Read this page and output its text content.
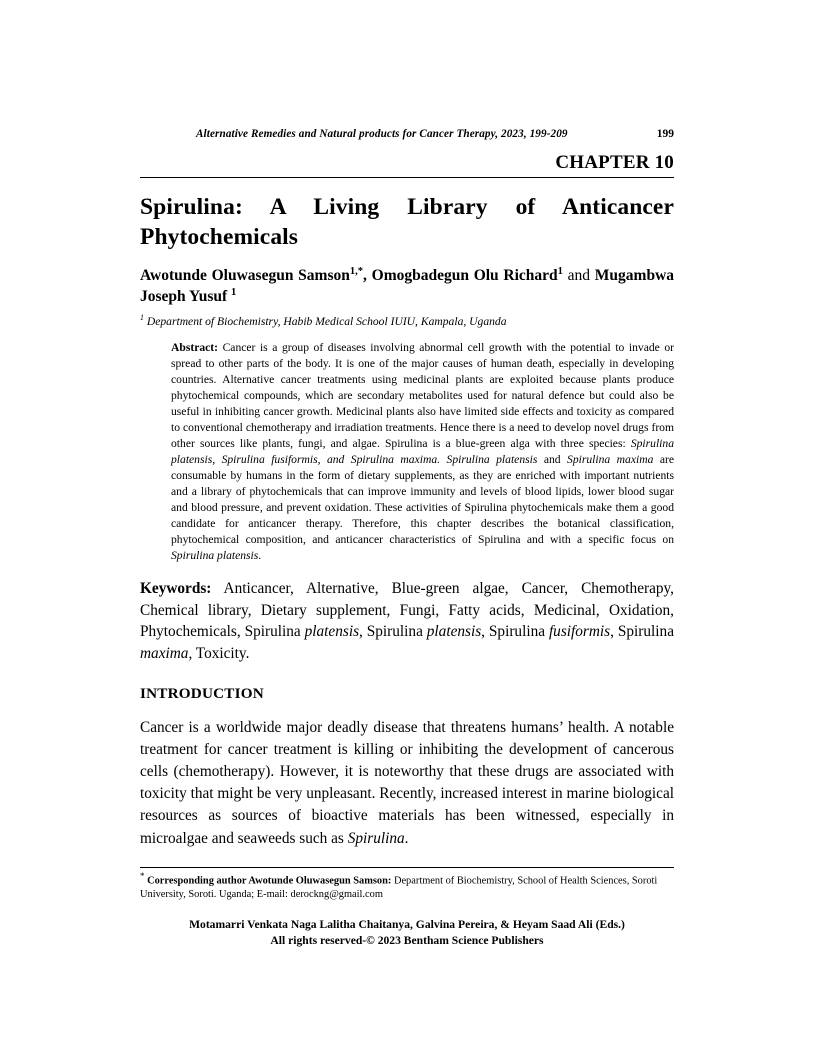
Alternative Remedies and Natural products for Cancer Therapy, 2023, 199-209	199
CHAPTER 10
Spirulina: A Living Library of Anticancer
Phytochemicals
Awotunde Oluwasegun Samson$^{1,*}$, Omogbadegun Olu Richard$^1$ and Mugambwa Joseph Yusuf $^1$
$^1$ Department of Biochemistry, Habib Medical School IUIU, Kampala, Uganda
Abstract: Cancer is a group of diseases involving abnormal cell growth with the potential to invade or spread to other parts of the body. It is one of the major causes of human death, especially in developing countries. Alternative cancer treatments using medicinal plants are exploited because plants produce phytochemical compounds, which are secondary metabolites used for natural defence but could also be useful in inhibiting cancer growth. Medicinal plants also have limited side effects and toxicity as compared to conventional chemotherapy and irradiation treatments. Hence there is a need to develop novel drugs from other sources like plants, fungi, and algae. Spirulina is a blue-green alga with three species: Spirulina platensis, Spirulina fusiformis, and Spirulina maxima. Spirulina platensis and Spirulina maxima are consumable by humans in the form of dietary supplements, as they are enriched with important nutrients and a library of phytochemicals that can improve immunity and levels of blood lipids, lower blood sugar and blood pressure, and prevent oxidation. These activities of Spirulina phytochemicals make them a good candidate for anticancer therapy. Therefore, this chapter describes the botanical classification, phytochemical composition, and anticancer characteristics of Spirulina and with a specific focus on Spirulina platensis.
Keywords: Anticancer, Alternative, Blue-green algae, Cancer, Chemotherapy, Chemical library, Dietary supplement, Fungi, Fatty acids, Medicinal, Oxidation, Phytochemicals, Spirulina platensis, Spirulina platensis, Spirulina fusiformis, Spirulina maxima, Toxicity.
INTRODUCTION

Cancer is a worldwide major deadly disease that threatens humans’ health. A notable treatment for cancer treatment is killing or inhibiting the development of cancerous cells (chemotherapy). However, it is noteworthy that these drugs are associated with toxicity that might be very unpleasant. Recently, increased interest in marine biological resources as sources of bioactive materials has been witnessed, especially in microalgae and seaweeds such as Spirulina.

* Corresponding author Awotunde Oluwasegun Samson: Department of Biochemistry, School of Health Sciences, Soroti University, Soroti. Uganda; E-mail: derockng@gmail.com
Motamarri Venkata Naga Lalitha Chaitanya, Galvina Pereira, & Heyam Saad Ali (Eds.)
All rights reserved-© 2023 Bentham Science Publishers
